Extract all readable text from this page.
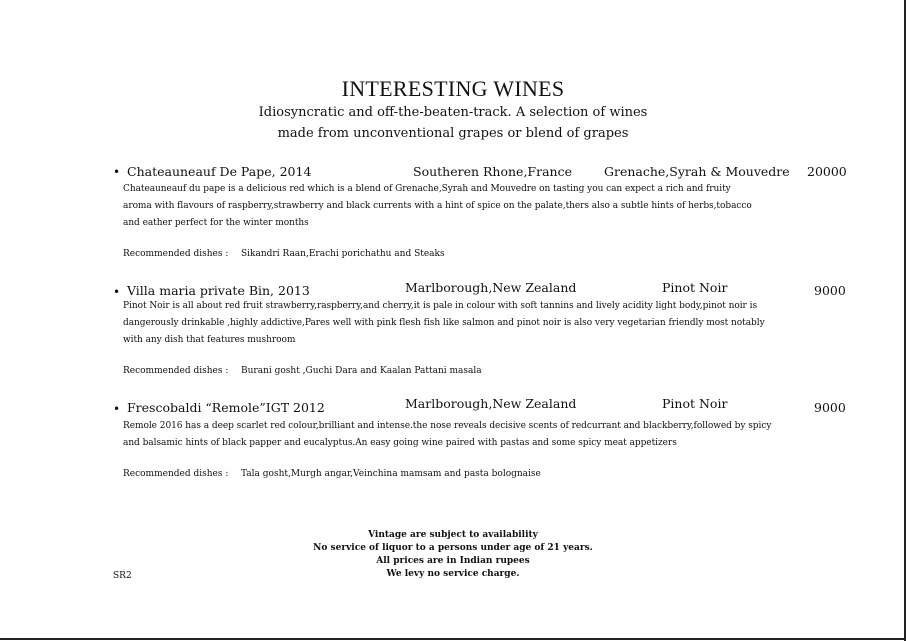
INTERESTING WINES
Idiosyncratic and off-the-beaten-track. A selection of wines
made from unconventional grapes or blend of grapes
• Chateauneauf De Pape, 2014	Southeren Rhone,France	Grenache,Syrah & Mouvedre 20000
Chateauneauf du pape is a delicious red which is a blend of Grenache,Syrah and Mouvedre on tasting you can expect a rich and fruity
aroma with flavours of raspberry,strawberry and black currents with a hint of spice on the palate,thers also a subtle hints of herbs,tobacco
and eather perfect for the winter months
Recommended dishes : Sikandri Raan,Erachi porichathu and Steaks
• Villa maria private Bin, 2013	Marlborough,New Zealand	Pinot Noir	9000
Pinot Noir is all about red fruit strawberry,raspberry,and cherry,it is pale in colour with soft tannins and lively acidity light body,pinot noir is
dangerously drinkable ,highly addictive,Pares well with pink flesh fish like salmon and pinot noir is also very vegetarian friendly most notably
with any dish that features mushroom
Recommended dishes : Burani gosht ,Guchi Dara and Kaalan Pattani masala
• Frescobaldi “Remole”IGT 2012	Marlborough,New Zealand	Pinot Noir	9000
Remole 2016 has a deep scarlet red colour,brilliant and intense.the nose reveals decisive scents of redcurrant and blackberry,followed by spicy
and balsamic hints of black papper and eucalyptus.An easy going wine paired with pastas and some spicy meat appetizers
Recommended dishes : Tala gosht,Murgh angar,Veinchina mamsam and pasta bolognaise
Vintage are subject to availability
No service of liquor to a persons under age of 21 years.
All prices are in Indian rupees
We levy no service charge.
SR2
